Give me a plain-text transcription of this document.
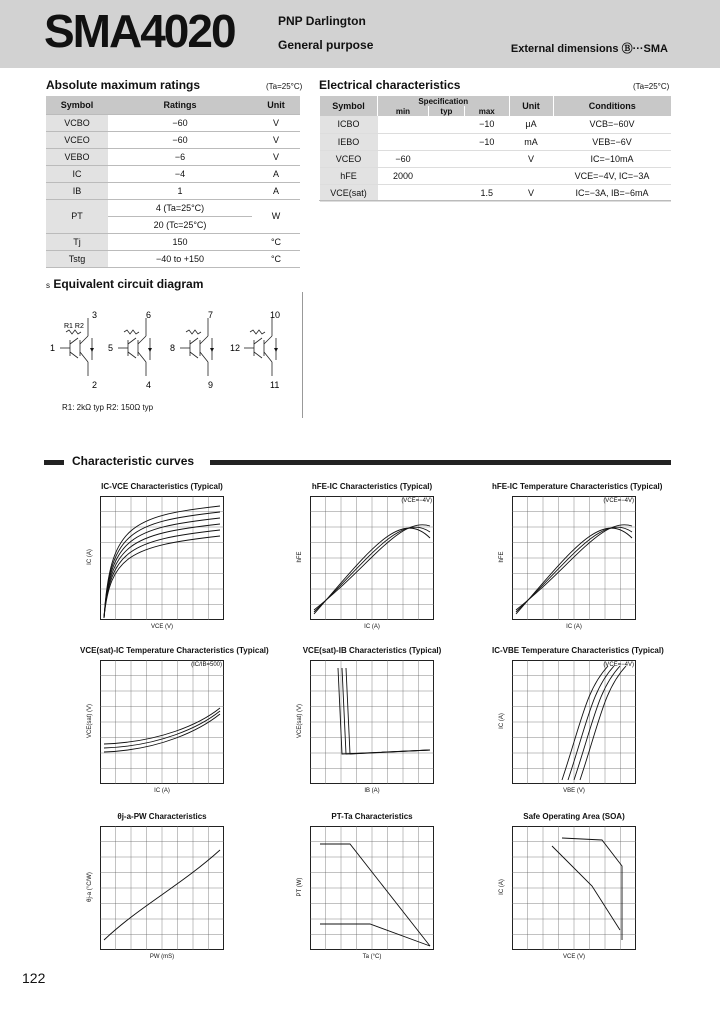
SMA4020	PNP Darlington
General purpose	External dimensions Ⓑ···SMA
Absolute maximum ratings	(Ta=25°C)
Symbol	Ratings	Unit
VCBO	−60	V
VCEO	−60	V
VEBO	−6	V
IC	−4	A
IB	1	A
PT	4 (Ta=25°C)	W
	20 (Tc=25°C)	
Tj	150	°C
Tstg	−40 to +150	°C
Electrical characteristics	(Ta=25°C)
Symbol	Specification			Unit	Conditions
	min	typ	max		
ICBO			−10	μA	VCB=−60V
IEBO			−10	mA	VEB=−6V
VCEO	−60			V	IC=−10mA
hFE	2000				VCE=−4V, IC=−3A
VCE(sat)			1.5	V	IC=−3A, IB=−6mA
s Equivalent circuit diagram
R1 R2
3	6	7	10
1	5	8	12
2	4	9	11
R1: 2kΩ typ R2: 150Ω typ
Characteristic curves
IC-VCE Characteristics (Typical)
VCE (V)
IC (A)
hFE-IC Characteristics (Typical)
IC (A)
hFE
(VCE=−4V)
hFE-IC Temperature Characteristics (Typical)
IC (A)
hFE
(VCE=−4V)
VCE(sat)-IC Temperature Characteristics (Typical)
IC (A)
VCE(sat) (V)
(IC/IB=500)
VCE(sat)-IB Characteristics (Typical)
IB (A)
VCE(sat) (V)
IC-VBE Temperature Characteristics (Typical)
VBE (V)
IC (A)
(VCE=−4V)
θj-a-PW Characteristics
PW (mS)
θj-a (°C/W)
PT-Ta Characteristics
Ta (°C)
PT (W)
Safe Operating Area (SOA)
VCE (V)
IC (A)
122
